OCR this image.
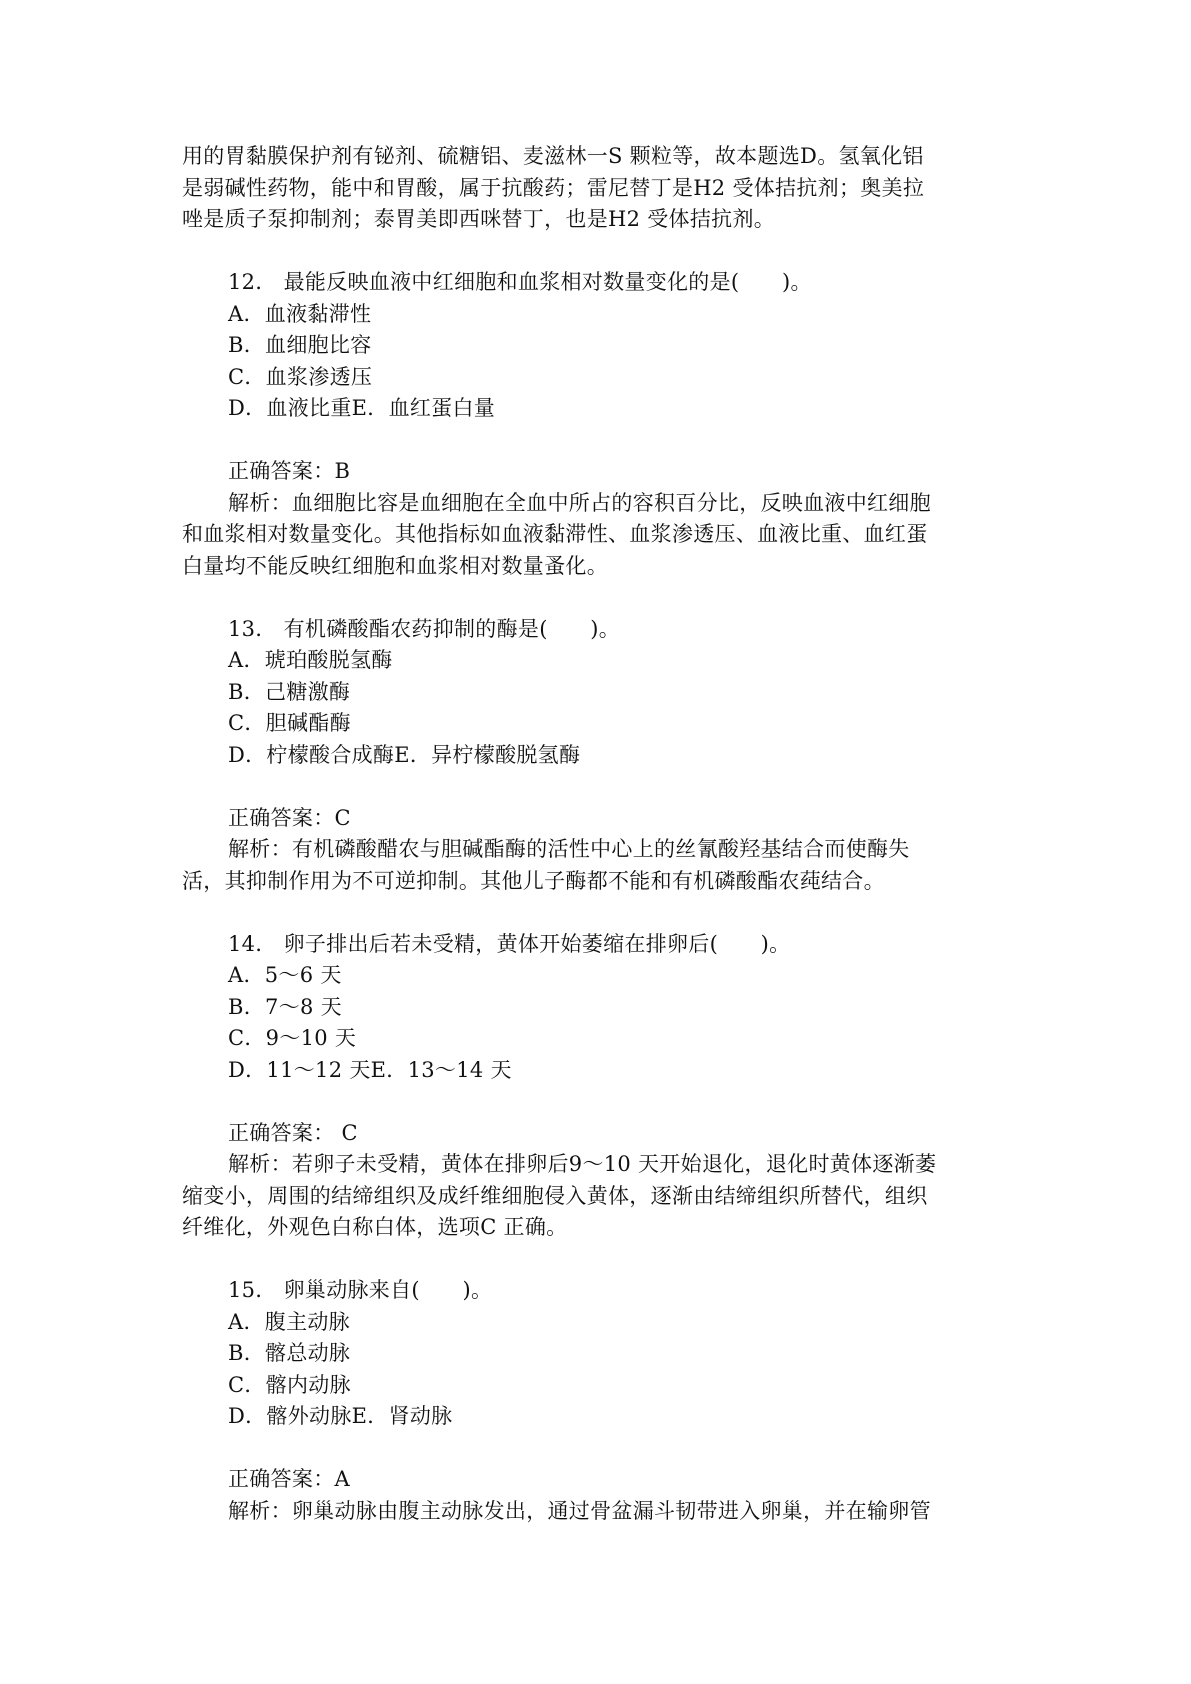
用的胃黏膜保护剂有铋剂、硫糖铝、麦滋林一S 颗粒等，故本题选D。氢氧化铝
是弱碱性药物，能中和胃酸，属于抗酸药；雷尼替丁是H2 受体拮抗剂；奥美拉
唑是质子泵抑制剂；泰胃美即西咪替丁，也是H2 受体拮抗剂。
12． 最能反映血液中红细胞和血浆相对数量变化的是(　　)。
A．血液黏滞性
B．血细胞比容
C．血浆渗透压
D．血液比重E．血红蛋白量
正确答案：B
解析：血细胞比容是血细胞在全血中所占的容积百分比，反映血液中红细胞
和血浆相对数量变化。其他指标如血液黏滞性、血浆渗透压、血液比重、血红蛋
白量均不能反映红细胞和血浆相对数量蚤化。
13． 有机磷酸酯农药抑制的酶是(　　)。
A．琥珀酸脱氢酶
B．己糖激酶
C．胆碱酯酶
D．柠檬酸合成酶E．异柠檬酸脱氢酶
正确答案：C
解析：有机磷酸醋农与胆碱酯酶的活性中心上的丝氰酸羟基结合而使酶失
活，其抑制作用为不可逆抑制。其他儿子酶都不能和有机磷酸酯农莼结合。
14． 卵子排出后若未受精，黄体开始萎缩在排卵后(　　)。
A．5～6 天
B．7～8 天
C．9～10 天
D．11～12 天E．13～14 天
正确答案： C
解析：若卵子未受精，黄体在排卵后9～10 天开始退化，退化时黄体逐渐萎
缩变小，周围的结缔组织及成纤维细胞侵入黄体，逐渐由结缔组织所替代，组织
纤维化，外观色白称白体，选项C 正确。
15． 卵巢动脉来自(　　)。
A．腹主动脉
B．髂总动脉
C．髂内动脉
D．髂外动脉E．肾动脉
正确答案：A
解析：卵巢动脉由腹主动脉发出，通过骨盆漏斗韧带进入卵巢，并在输卵管
